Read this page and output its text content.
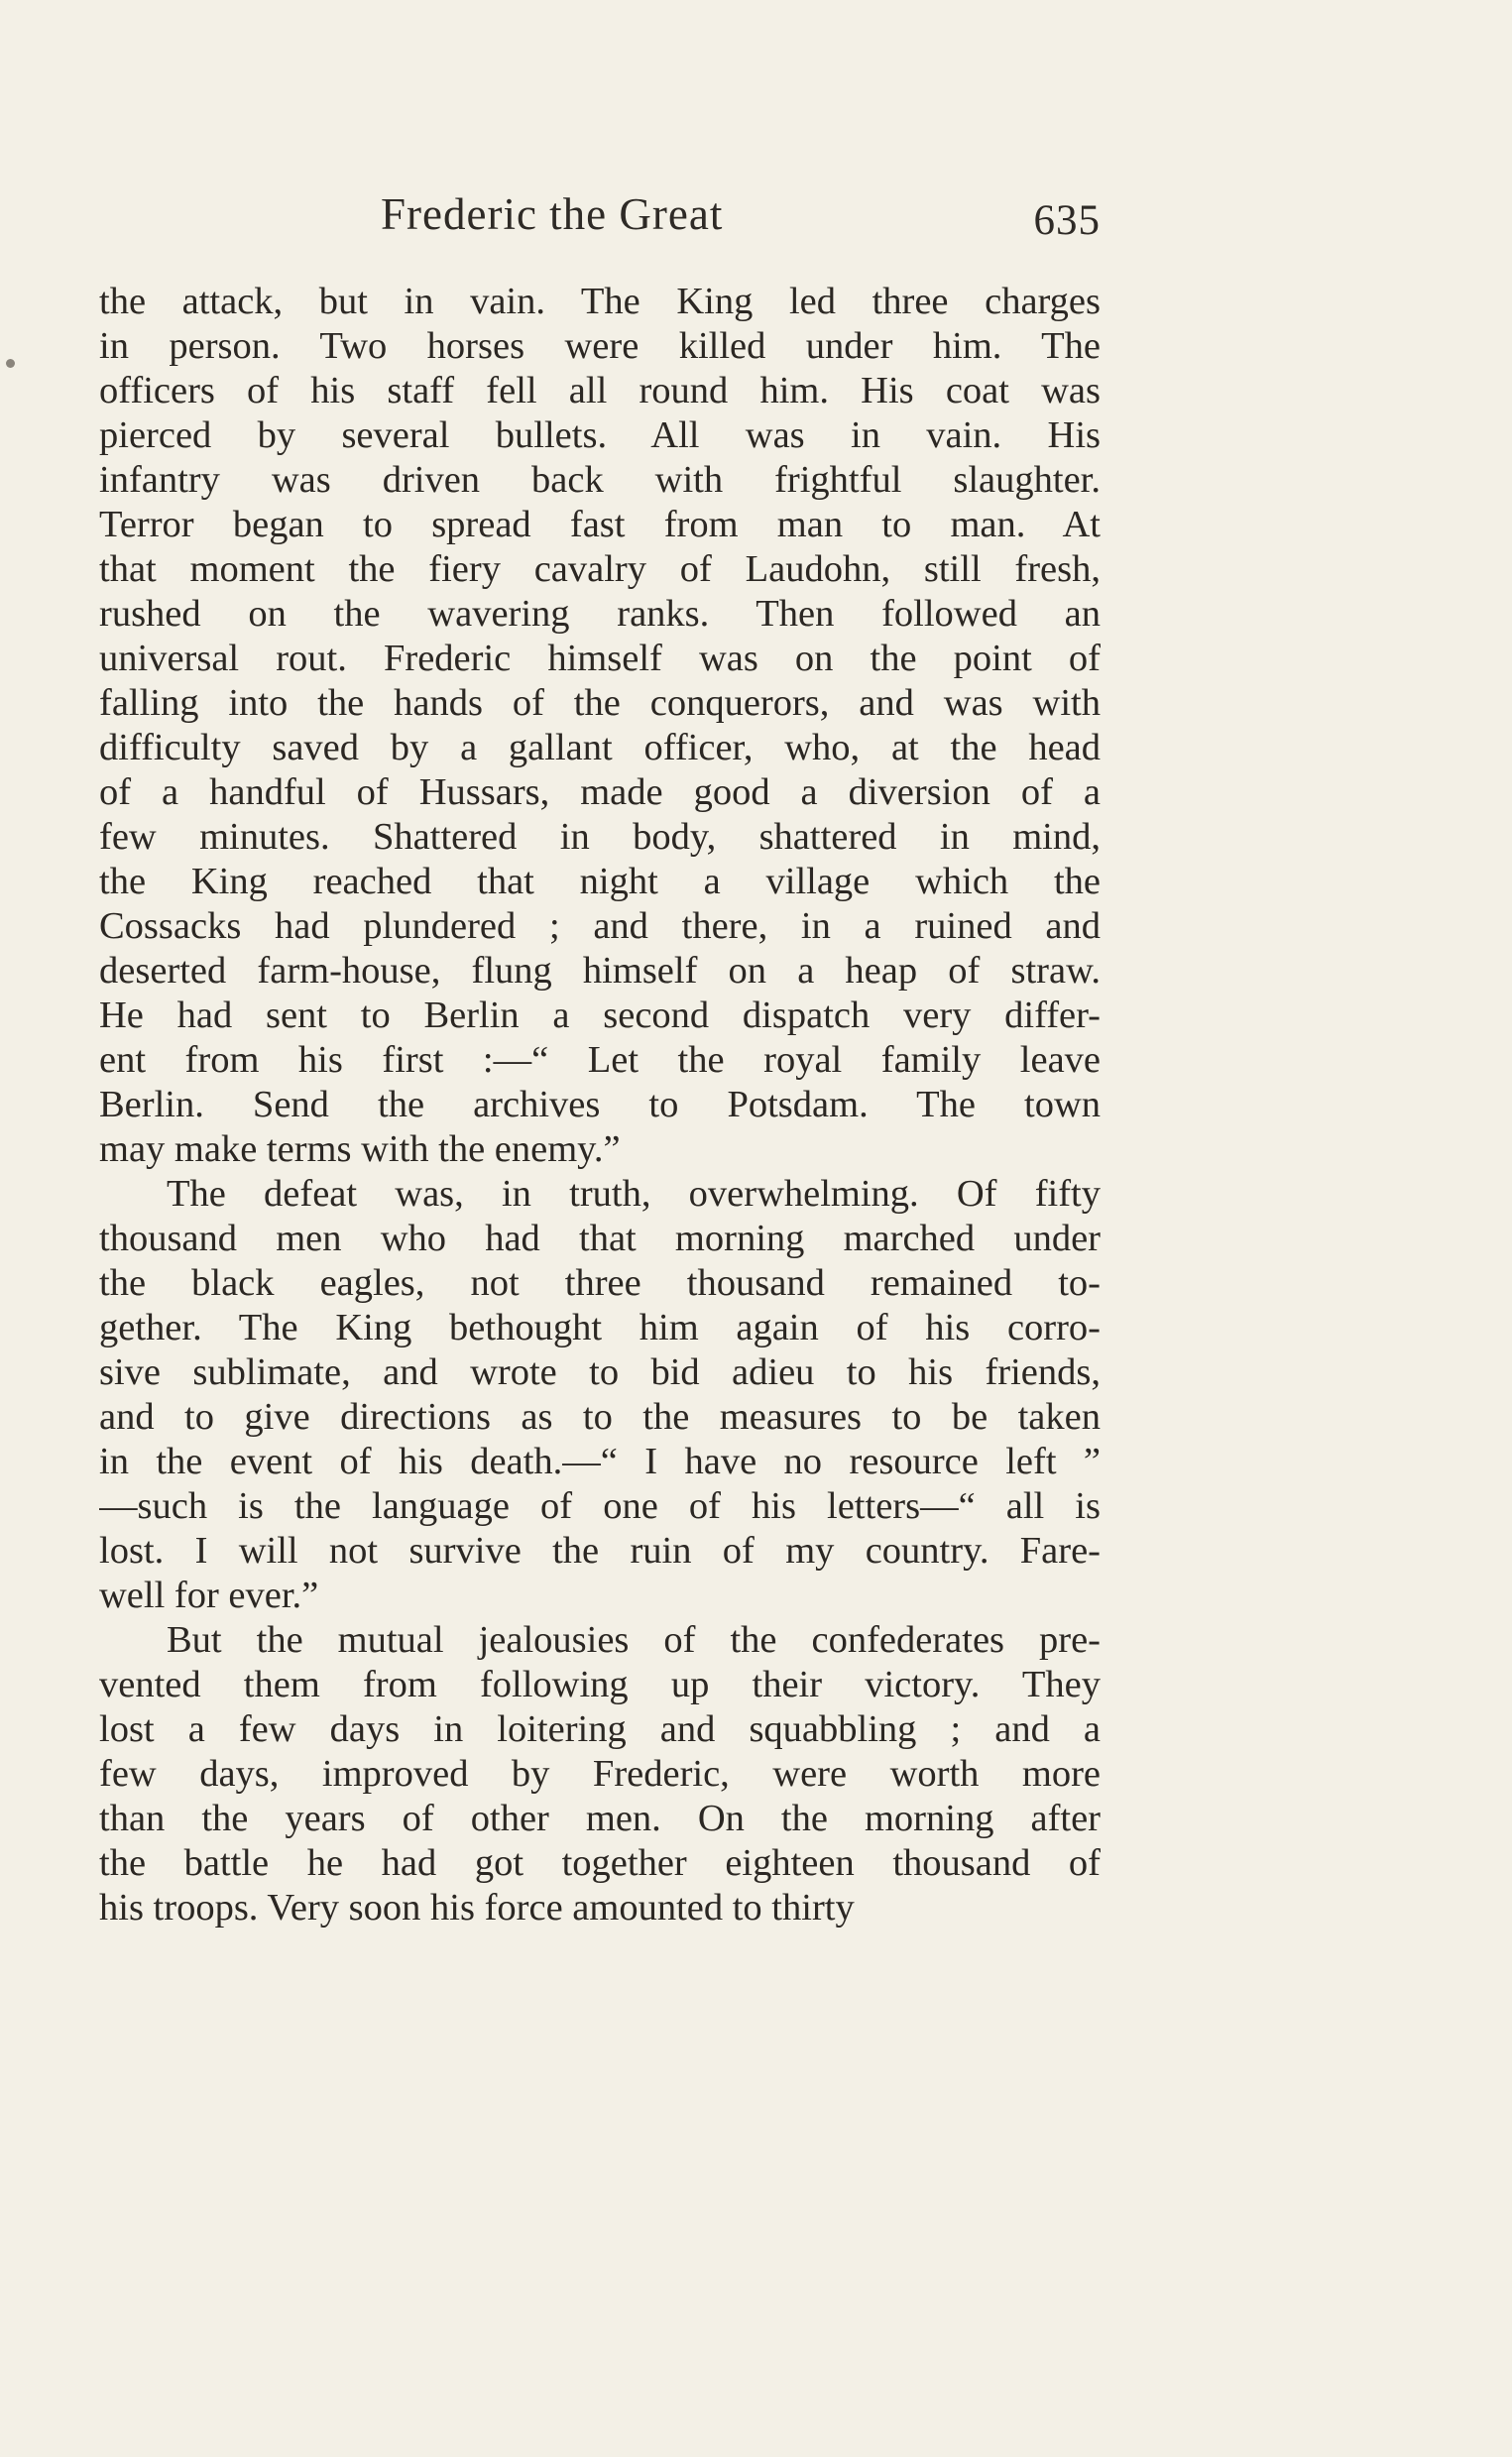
Frederic the Great	635
the attack, but in vain. The King led three charges
in person. Two horses were killed under him. The
officers of his staff fell all round him. His coat was
pierced by several bullets. All was in vain. His
infantry was driven back with frightful slaughter.
Terror began to spread fast from man to man. At
that moment the fiery cavalry of Laudohn, still fresh,
rushed on the wavering ranks. Then followed an
universal rout. Frederic himself was on the point of
falling into the hands of the conquerors, and was with
difficulty saved by a gallant officer, who, at the head
of a handful of Hussars, made good a diversion of a
few minutes. Shattered in body, shattered in mind,
the King reached that night a village which the
Cossacks had plundered ; and there, in a ruined and
deserted farm-house, flung himself on a heap of straw.
He had sent to Berlin a second dispatch very differ-
ent from his first :—“ Let the royal family leave
Berlin. Send the archives to Potsdam. The town
may make terms with the enemy.”
The defeat was, in truth, overwhelming. Of fifty
thousand men who had that morning marched under
the black eagles, not three thousand remained to-
gether. The King bethought him again of his corro-
sive sublimate, and wrote to bid adieu to his friends,
and to give directions as to the measures to be taken
in the event of his death.—“ I have no resource left ”
—such is the language of one of his letters—“ all is
lost. I will not survive the ruin of my country. Fare-
well for ever.”
But the mutual jealousies of the confederates pre-
vented them from following up their victory. They
lost a few days in loitering and squabbling ; and a
few days, improved by Frederic, were worth more
than the years of other men. On the morning after
the battle he had got together eighteen thousand of
his troops. Very soon his force amounted to thirty
